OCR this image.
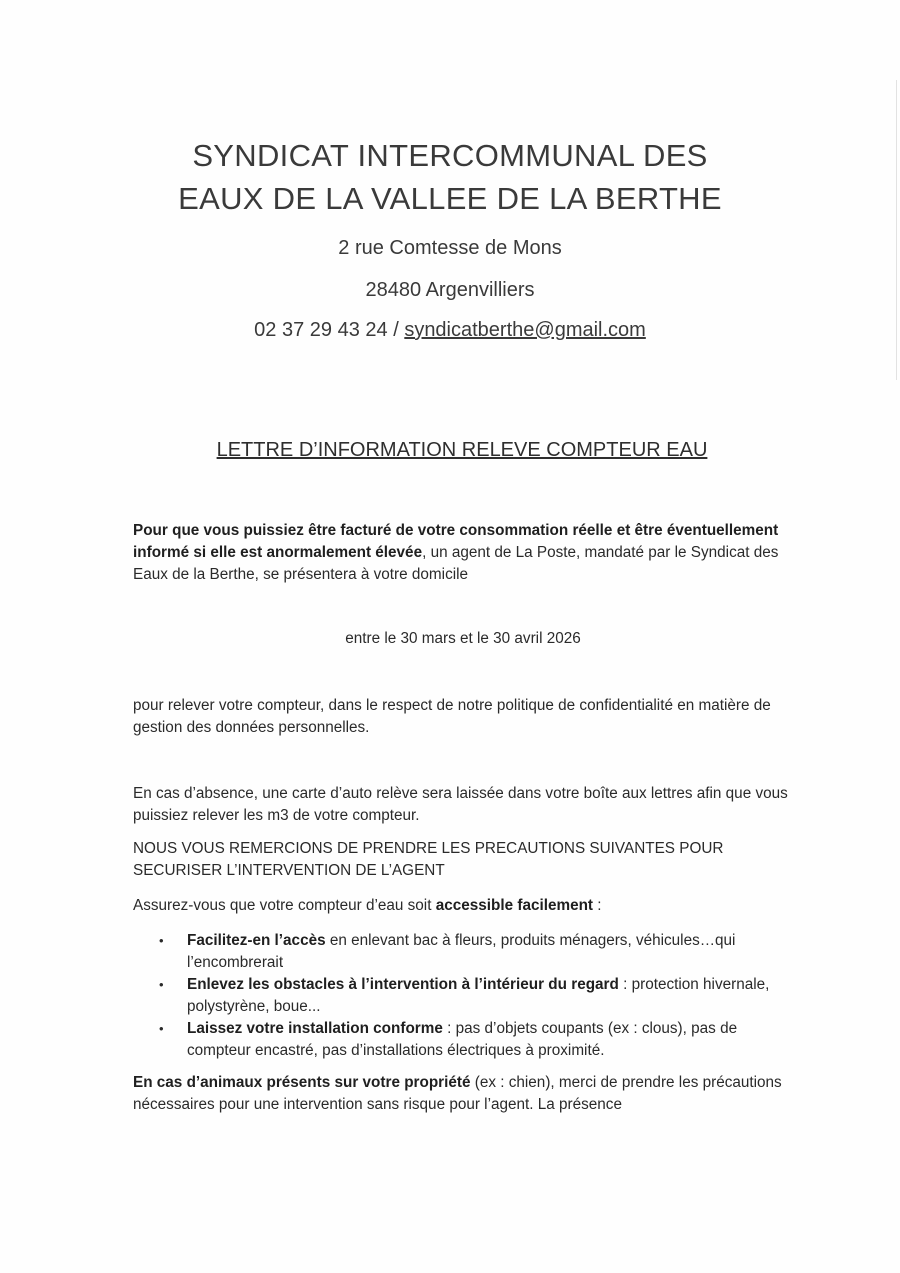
SYNDICAT INTERCOMMUNAL DES
EAUX DE LA VALLEE DE LA BERTHE
2 rue Comtesse de Mons
28480 Argenvilliers
02 37 29 43 24 / syndicatberthe@gmail.com
LETTRE D’INFORMATION RELEVE COMPTEUR EAU
Pour que vous puissiez être facturé de votre consommation réelle et être éventuellement informé si elle est anormalement élevée, un agent de La Poste, mandaté par le Syndicat des Eaux de la Berthe, se présentera à votre domicile
entre le 30 mars et le 30 avril 2026
pour relever votre compteur, dans le respect de notre politique de confidentialité en matière de gestion des données personnelles.
En cas d’absence, une carte d’auto relève sera laissée dans votre boîte aux lettres afin que vous puissiez relever les m3 de votre compteur.
NOUS VOUS REMERCIONS DE PRENDRE LES PRECAUTIONS SUIVANTES POUR SECURISER L’INTERVENTION DE L’AGENT
Assurez-vous que votre compteur d’eau soit accessible facilement :
• Facilitez-en l’accès en enlevant bac à fleurs, produits ménagers, véhicules…qui l’encombrerait
• Enlevez les obstacles à l’intervention à l’intérieur du regard : protection hivernale, polystyrène, boue...
• Laissez votre installation conforme : pas d’objets coupants (ex : clous), pas de compteur encastré, pas d’installations électriques à proximité.
En cas d’animaux présents sur votre propriété (ex : chien), merci de prendre les précautions nécessaires pour une intervention sans risque pour l’agent. La présence
